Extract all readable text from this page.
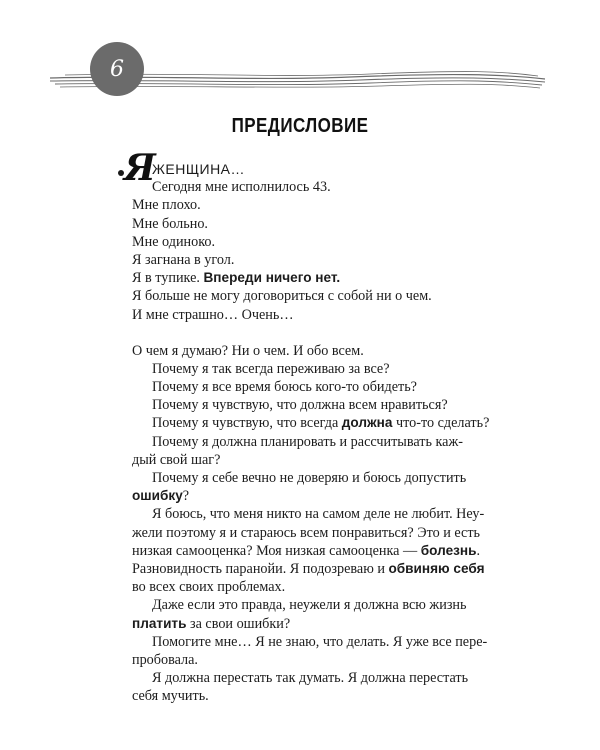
6
ПРЕДИСЛОВИЕ
Я
ЖЕНЩИНА…
Сегодня мне исполнилось 43.
Мне плохо.
Мне больно.
Мне одиноко.
Я загнана в угол.
Я в тупике. Впереди ничего нет.
Я больше не могу договориться с собой ни о чем.
И мне страшно… Очень…
О чем я думаю? Ни о чем. И обо всем.
Почему я так всегда переживаю за все?
Почему я все время боюсь кого-то обидеть?
Почему я чувствую, что должна всем нравиться?
Почему я чувствую, что всегда должна что-то сделать?
Почему я должна планировать и рассчитывать каж-
дый свой шаг?
Почему я себе вечно не доверяю и боюсь допустить
ошибку?
Я боюсь, что меня никто на самом деле не любит. Неу-
жели поэтому я и стараюсь всем понравиться? Это и есть
низкая самооценка? Моя низкая самооценка — болезнь.
Разновидность паранойи. Я подозреваю и обвиняю себя
во всех своих проблемах.
Даже если это правда, неужели я должна всю жизнь
платить за свои ошибки?
Помогите мне… Я не знаю, что делать. Я уже все пере-
пробовала.
Я должна перестать так думать. Я должна перестать
себя мучить.
